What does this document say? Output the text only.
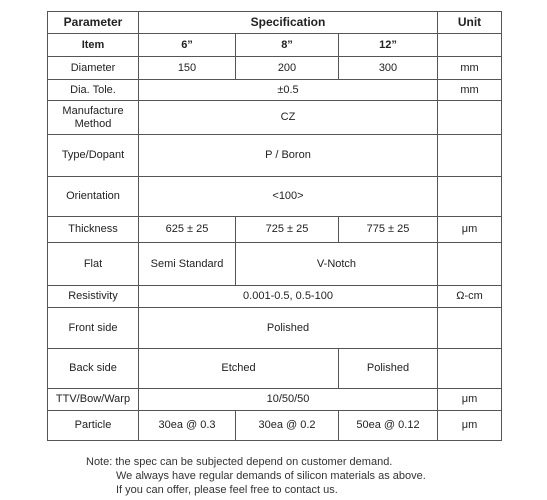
Parameter	Specification			Unit
Item	6”	8”	12”	
Diameter	150	200	300	mm
Dia. Tole.	±0.5			mm
Manufacture Method	CZ			
Type/Dopant	P / Boron			
Orientation	<100>			
Thickness	625 ± 25	725 ± 25	775 ± 25	μm
Flat	Semi Standard	V-Notch		
Resistivity	0.001-0.5, 0.5-100			Ω-cm
Front side	Polished			
Back side	Etched		Polished	
TTV/Bow/Warp	10/50/50			μm
Particle	30ea @ 0.3	30ea @ 0.2	50ea @ 0.12	μm
Note: the spec can be subjected depend on customer demand.
We always have regular demands of silicon materials as above.
If you can offer, please feel free to contact us.
